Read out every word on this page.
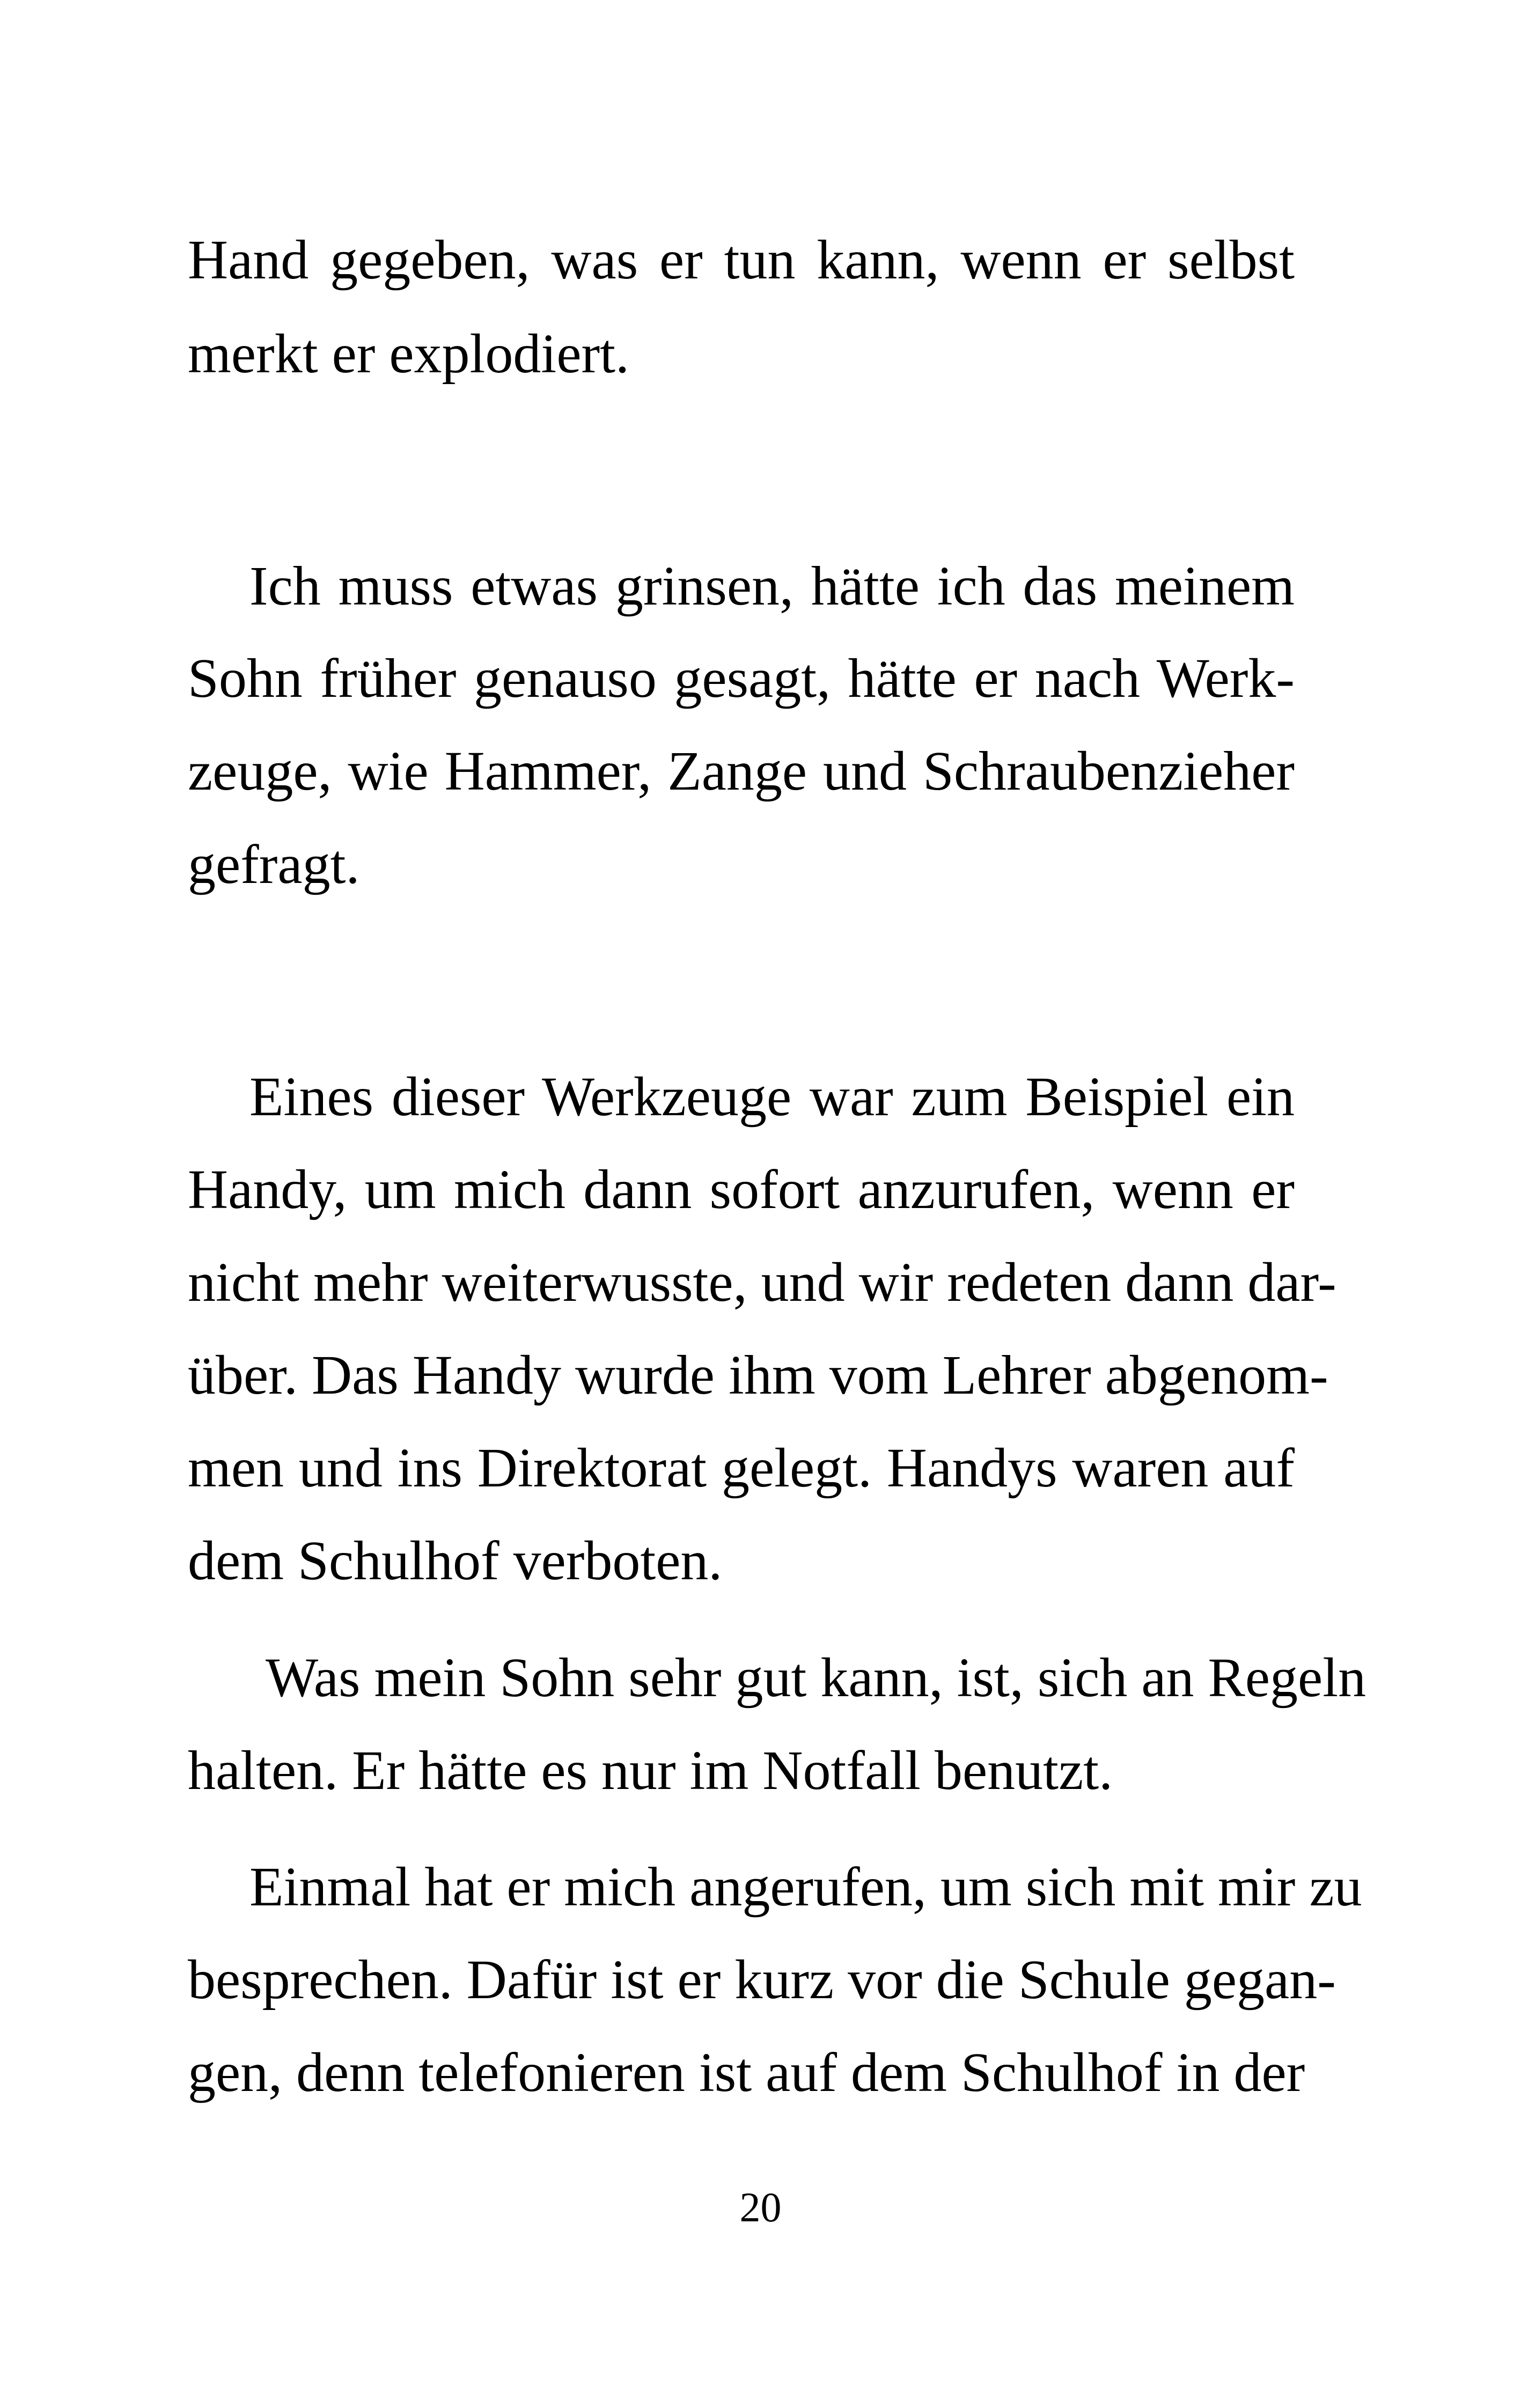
Hand gegeben, was er tun kann, wenn er selbst
merkt er explodiert.
Ich muss etwas grinsen, hätte ich das meinem
Sohn früher genauso gesagt, hätte er nach Werk-
zeuge, wie Hammer, Zange und Schraubenzieher
gefragt.
Eines dieser Werkzeuge war zum Beispiel ein
Handy, um mich dann sofort anzurufen, wenn er
nicht mehr weiterwusste, und wir redeten dann dar-
über. Das Handy wurde ihm vom Lehrer abgenom-
men und ins Direktorat gelegt. Handys waren auf
dem Schulhof verboten.
Was mein Sohn sehr gut kann, ist, sich an Regeln
halten. Er hätte es nur im Notfall benutzt.
Einmal hat er mich angerufen, um sich mit mir zu
besprechen. Dafür ist er kurz vor die Schule gegan-
gen, denn telefonieren ist auf dem Schulhof in der
20
